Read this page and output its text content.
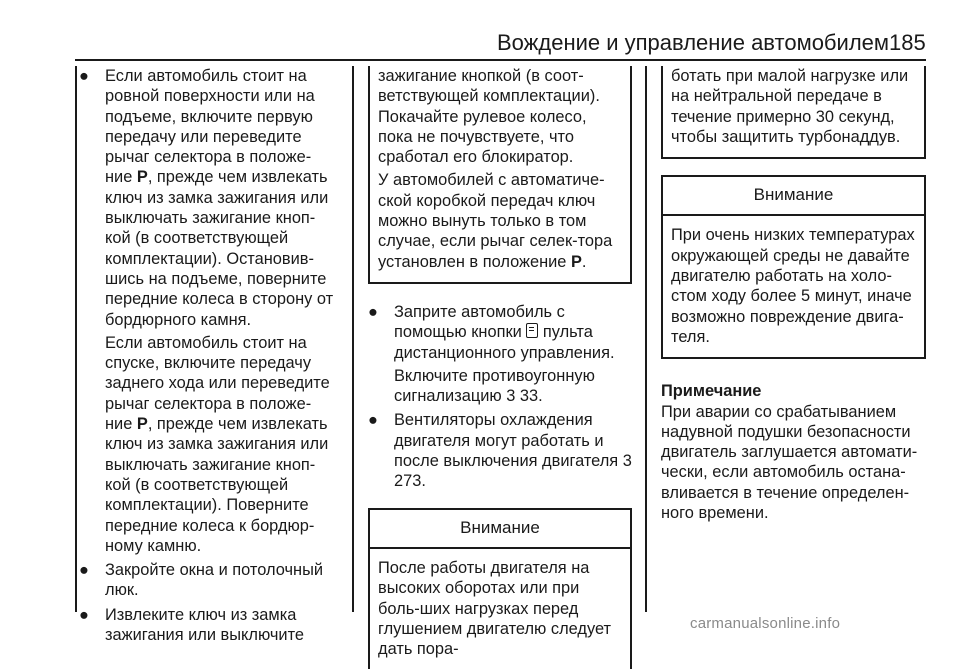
Вождение и управление автомобилем 185
● Если автомобиль стоит на ровной поверхности или на подъеме, включите первую передачу или переведите рычаг селектора в положе-ние P, прежде чем извлекать ключ из замка зажигания или выключать зажигание кноп-кой (в соответствующей комплектации). Остановив-шись на подъеме, поверните передние колеса в сторону от бордюрного камня.
Если автомобиль стоит на спуске, включите передачу заднего хода или переведите рычаг селектора в положе-ние P, прежде чем извлекать ключ из замка зажигания или выключать зажигание кноп-кой (в соответствующей комплектации). Поверните передние колеса к бордюр-ному камню.
● Закройте окна и потолочный люк.
● Извлеките ключ из замка зажигания или выключите
зажигание кнопкой (в соот-ветствующей комплектации). Покачайте рулевое колесо, пока не почувствуете, что сработал его блокиратор.
У автомобилей с автоматиче-ской коробкой передач ключ можно вынуть только в том случае, если рычаг селек-тора установлен в положение P.
● Заприте автомобиль с помощью кнопки  пульта дистанционного управления.
Включите противоугонную сигнализацию 3 33.
● Вентиляторы охлаждения двигателя могут работать и после выключения двигателя 3 273.
Внимание
После работы двигателя на высоких оборотах или при боль-ших нагрузках перед глушением двигателю следует дать пора-
ботать при малой нагрузке или на нейтральной передаче в течение примерно 30 секунд, чтобы защитить турбонаддув.
Внимание
При очень низких температурах окружающей среды не давайте двигателю работать на холо-стом ходу более 5 минут, иначе возможно повреждение двига-теля.
Примечание
При аварии со срабатыванием надувной подушки безопасности двигатель заглушается автомати-чески, если автомобиль остана-вливается в течение определен-ного времени.
carmanualsonline.info
